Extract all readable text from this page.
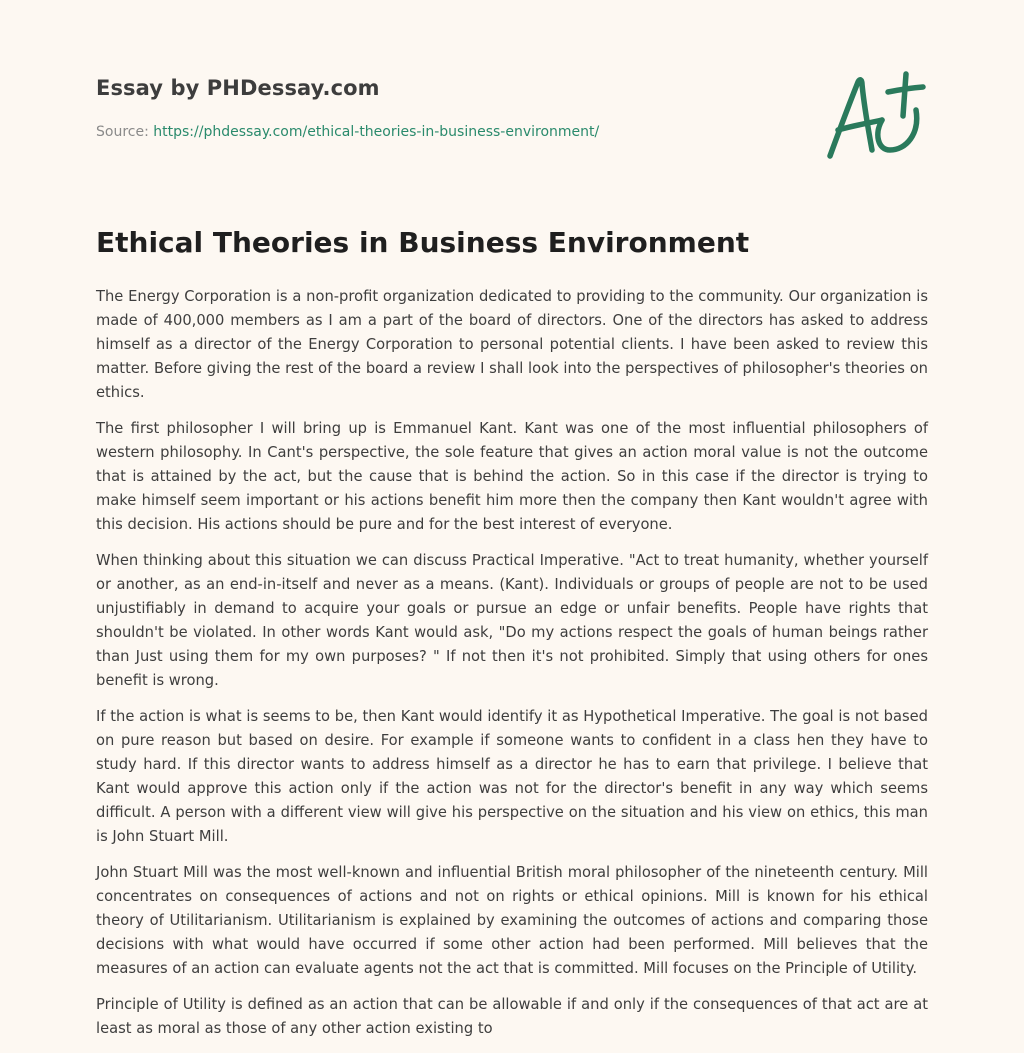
Essay by PHDessay.com
Source: https://phdessay.com/ethical-theories-in-business-environment/
Ethical Theories in Business Environment

The Energy Corporation is a non-profit organization dedicated to providing to the community. Our organization is made of 400,000 members as I am a part of the board of directors. One of the directors has asked to address himself as a director of the Energy Corporation to personal potential clients. I have been asked to review this matter. Before giving the rest of the board a review I shall look into the perspectives of philosopher's theories on ethics.

The first philosopher I will bring up is Emmanuel Kant. Kant was one of the most influential philosophers of western philosophy. In Cant's perspective, the sole feature that gives an action moral value is not the outcome that is attained by the act, but the cause that is behind the action. So in this case if the director is trying to make himself seem important or his actions benefit him more then the company then Kant wouldn't agree with this decision. His actions should be pure and for the best interest of everyone.

When thinking about this situation we can discuss Practical Imperative. "Act to treat humanity, whether yourself or another, as an end-in-itself and never as a means. (Kant). Individuals or groups of people are not to be used unjustifiably in demand to acquire your goals or pursue an edge or unfair benefits. People have rights that shouldn't be violated. In other words Kant would ask, "Do my actions respect the goals of human beings rather than Just using them for my own purposes? " If not then it's not prohibited. Simply that using others for ones benefit is wrong.

If the action is what is seems to be, then Kant would identify it as Hypothetical Imperative. The goal is not based on pure reason but based on desire. For example if someone wants to confident in a class hen they have to study hard. If this director wants to address himself as a director he has to earn that privilege. I believe that Kant would approve this action only if the action was not for the director's benefit in any way which seems difficult. A person with a different view will give his perspective on the situation and his view on ethics, this man is John Stuart Mill.

John Stuart Mill was the most well-known and influential British moral philosopher of the nineteenth century. Mill concentrates on consequences of actions and not on rights or ethical opinions. Mill is known for his ethical theory of Utilitarianism. Utilitarianism is explained by examining the outcomes of actions and comparing those decisions with what would have occurred if some other action had been performed. Mill believes that the measures of an action can evaluate agents not the act that is committed. Mill focuses on the Principle of Utility.

Principle of Utility is defined as an action that can be allowable if and only if the consequences of that act are at least as moral as those of any other action existing to
